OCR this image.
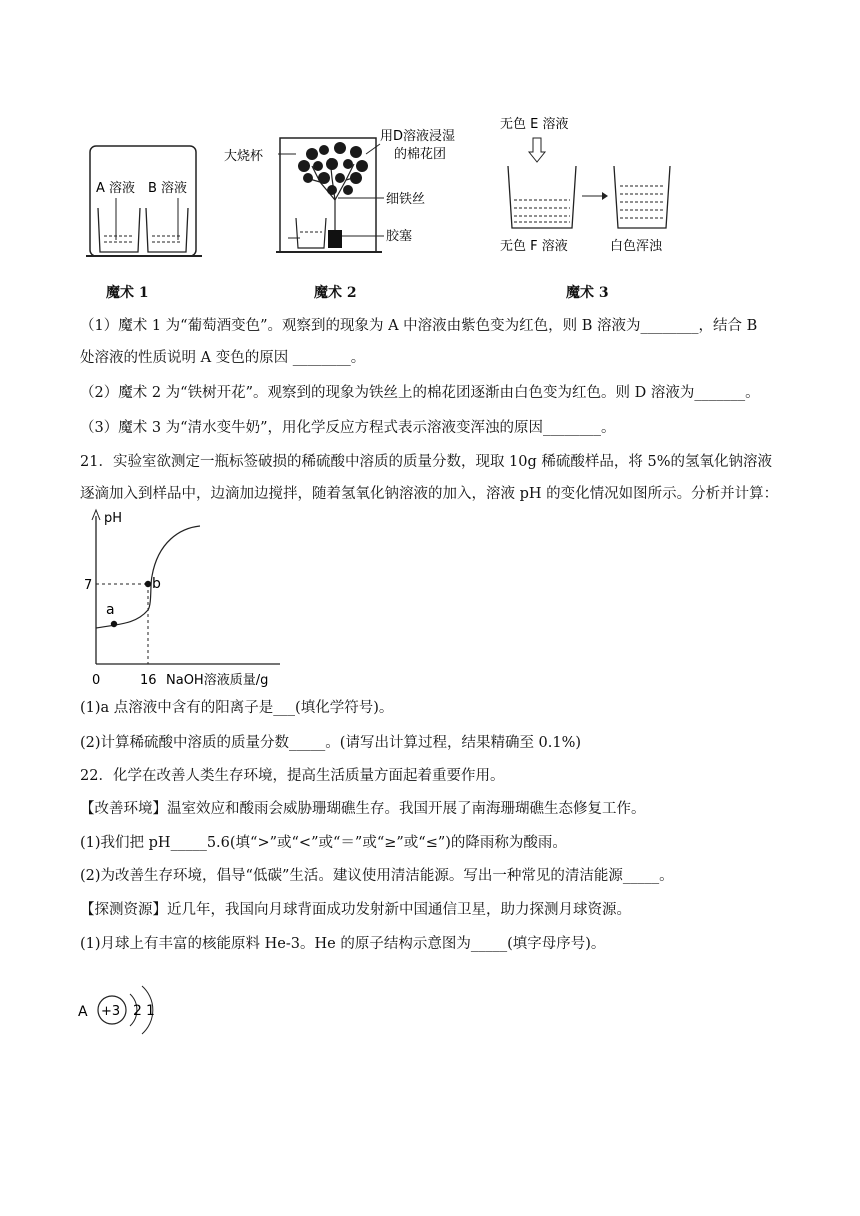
A 溶液 B 溶液
魔术 1
大烧杯
用D溶液浸湿
的棉花团
细铁丝
胶塞
魔术 2
无色 E 溶液
无色 F 溶液	白色浑浊
魔术 3
（1）魔术 1 为“葡萄酒变色”。观察到的现象为 A 中溶液由紫色变为红色，则 B 溶液为________，结合 B
处溶液的性质说明 A 变色的原因 ________。
（2）魔术 2 为“铁树开花”。观察到的现象为铁丝上的棉花团逐渐由白色变为红色。则 D 溶液为_______。
（3）魔术 3 为“清水变牛奶”，用化学反应方程式表示溶液变浑浊的原因________。
21．实验室欲测定一瓶标签破损的稀硫酸中溶质的质量分数，现取 10g 稀硫酸样品，将 5%的氢氧化钠溶液
逐滴加入到样品中，边滴加边搅拌，随着氢氧化钠溶液的加入，溶液 pH 的变化情况如图所示。分析并计算：
a
b
pH
7
0	16 NaOH溶液质量/g
(1)a 点溶液中含有的阳离子是___(填化学符号)。
(2)计算稀硫酸中溶质的质量分数_____。(请写出计算过程，结果精确至 0.1%)
22．化学在改善人类生存环境，提高生活质量方面起着重要作用。
【改善环境】温室效应和酸雨会威胁珊瑚礁生存。我国开展了南海珊瑚礁生态修复工作。
(1)我们把 pH_____5.6(填“>”或“<”或“＝”或“≥”或“≤”)的降雨称为酸雨。
(2)为改善生存环境，倡导“低碳”生活。建议使用清洁能源。写出一种常见的清洁能源_____。
【探测资源】近几年，我国向月球背面成功发射新中国通信卫星，助力探测月球资源。
(1)月球上有丰富的核能原料 He-3。He 的原子结构示意图为_____(填字母序号)。
A +3 2 1
